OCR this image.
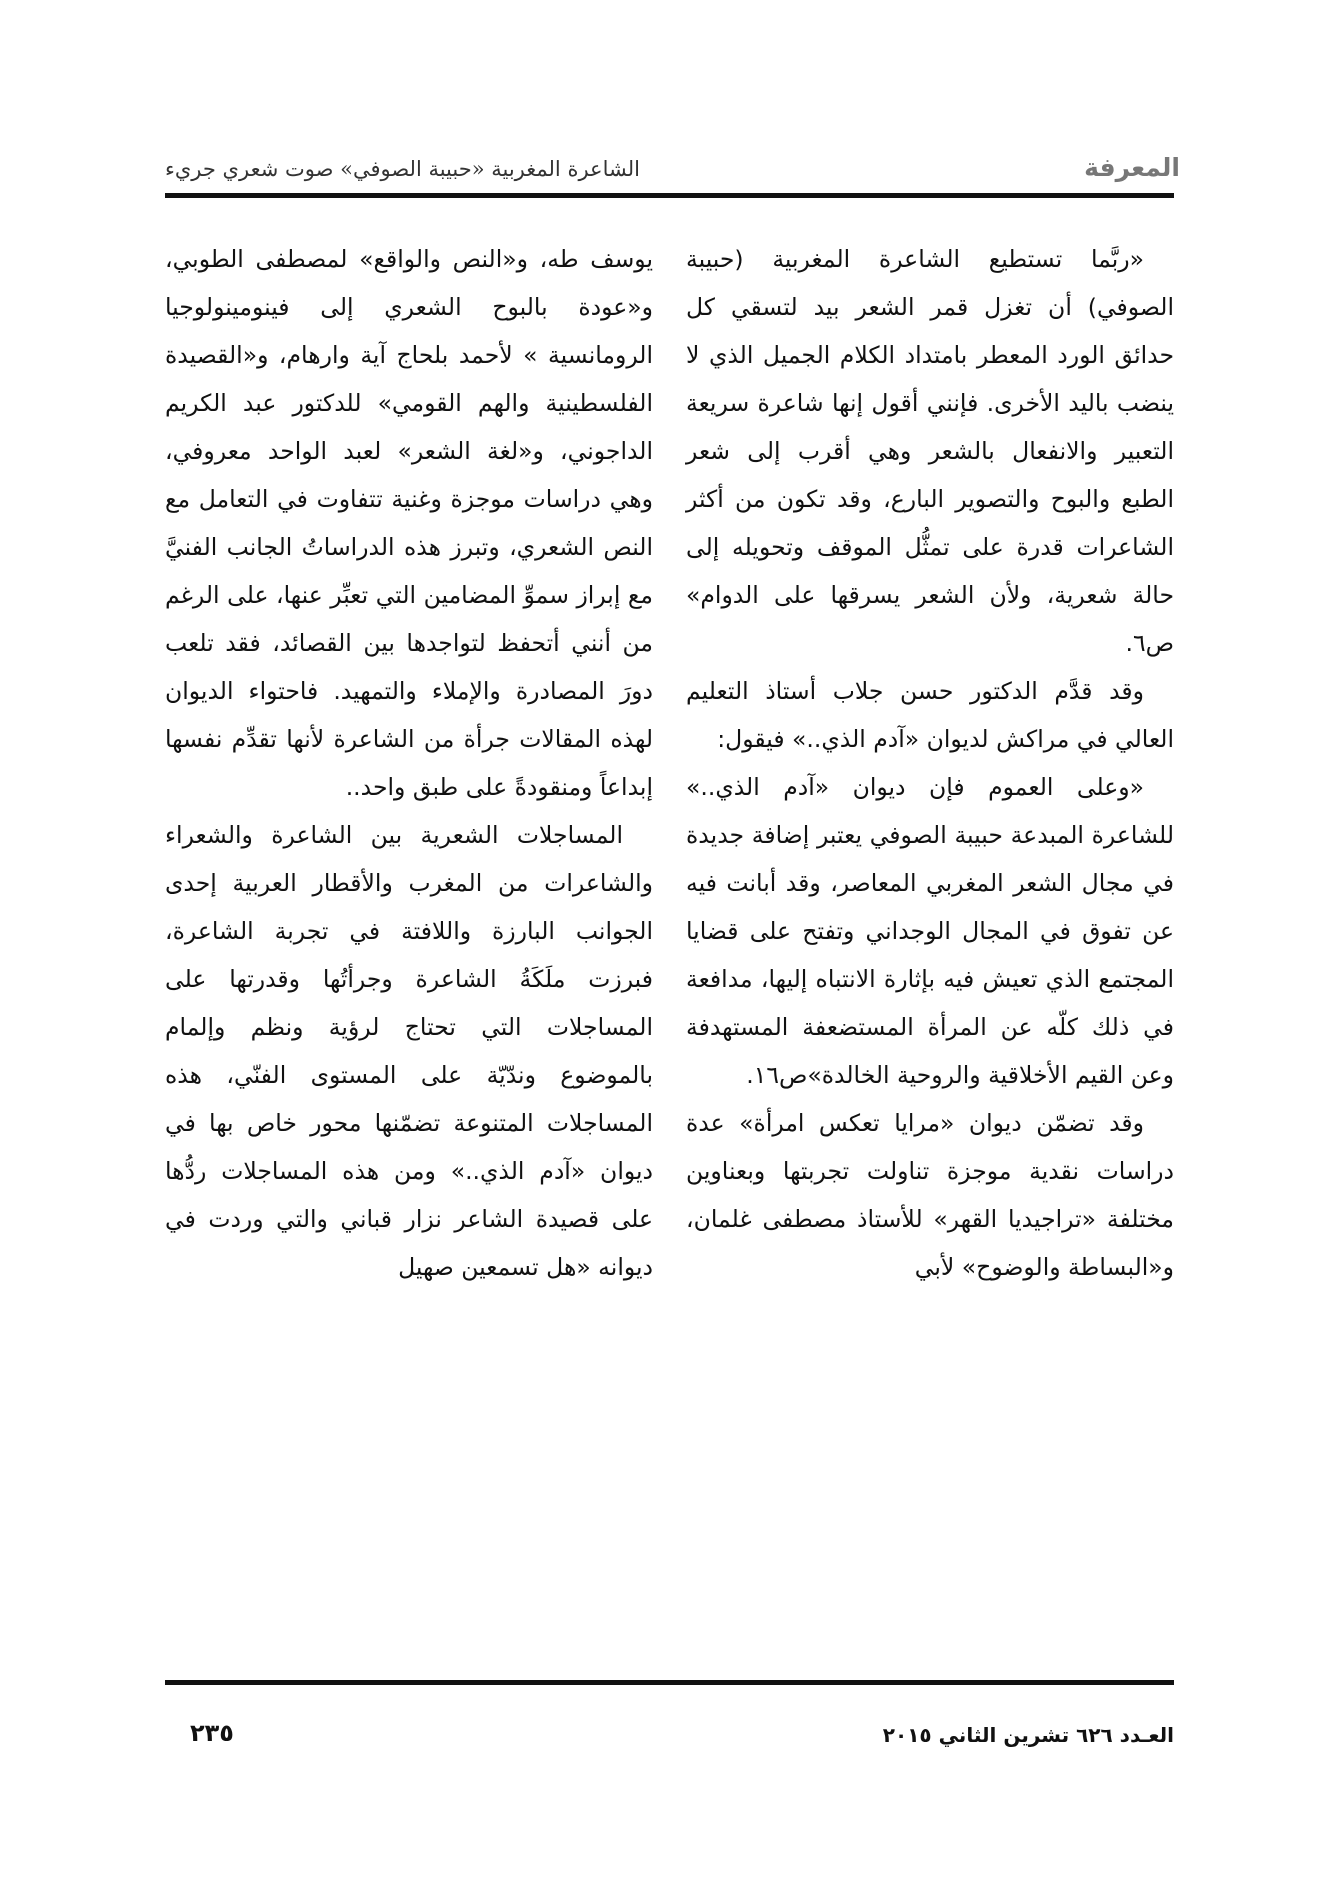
المعرفة
الشاعرة المغربية «حبيبة الصوفي» صوت شعري جريء

«ربَّما تستطيع الشاعرة المغربية (حبيبة الصوفي) أن تغزل قمر الشعر بيد لتسقي كل حدائق الورد المعطر بامتداد الكلام الجميل الذي لا ينضب باليد الأخرى. فإنني أقول إنها شاعرة سريعة التعبير والانفعال بالشعر وهي أقرب إلى شعر الطبع والبوح والتصوير البارع، وقد تكون من أكثر الشاعرات قدرة على تمثُّل الموقف وتحويله إلى حالة شعرية، ولأن الشعر يسرقها على الدوام» ص٦.

وقد قدَّم الدكتور حسن جلاب أستاذ التعليم العالي في مراكش لديوان «آدم الذي..» فيقول:

«وعلى العموم فإن ديوان «آدم الذي..» للشاعرة المبدعة حبيبة الصوفي يعتبر إضافة جديدة في مجال الشعر المغربي المعاصر، وقد أبانت فيه عن تفوق في المجال الوجداني وتفتح على قضايا المجتمع الذي تعيش فيه بإثارة الانتباه إليها، مدافعة في ذلك كلّه عن المرأة المستضعفة المستهدفة وعن القيم الأخلاقية والروحية الخالدة»ص١٦.

وقد تضمّن ديوان «مرايا تعكس امرأة» عدة دراسات نقدية موجزة تناولت تجربتها وبعناوين مختلفة «تراجيديا القهر» للأستاذ مصطفى غلمان، و«البساطة والوضوح» لأبي

يوسف طه، و«النص والواقع» لمصطفى الطوبي، و«عودة بالبوح الشعري إلى فينومينولوجيا الرومانسية » لأحمد بلحاج آية وارهام، و«القصيدة الفلسطينية والهم القومي» للدكتور عبد الكريم الداجوني، و«لغة الشعر» لعبد الواحد معروفي، وهي دراسات موجزة وغنية تتفاوت في التعامل مع النص الشعري، وتبرز هذه الدراساتُ الجانب الفنيَّ مع إبراز سموِّ المضامين التي تعبِّر عنها، على الرغم من أنني أتحفظ لتواجدها بين القصائد، فقد تلعب دورَ المصادرة والإملاء والتمهيد. فاحتواء الديوان لهذه المقالات جرأة من الشاعرة لأنها تقدِّم نفسها إبداعاً ومنقودةً على طبق واحد..

المساجلات الشعرية بين الشاعرة والشعراء والشاعرات من المغرب والأقطار العربية إحدى الجوانب البارزة واللافتة في تجربة الشاعرة، فبرزت ملَكَةُ الشاعرة وجرأتُها وقدرتها على المساجلات التي تحتاج لرؤية ونظم وإلمام بالموضوع وندّيّة على المستوى الفنّي، هذه المساجلات المتنوعة تضمّنها محور خاص بها في ديوان «آدم الذي..» ومن هذه المساجلات ردُّها على قصيدة الشاعر نزار قباني والتي وردت في ديوانه «هل تسمعين صهيل

العـدد ٦٢٦ تشرين الثاني ٢٠١٥
٢٣٥
